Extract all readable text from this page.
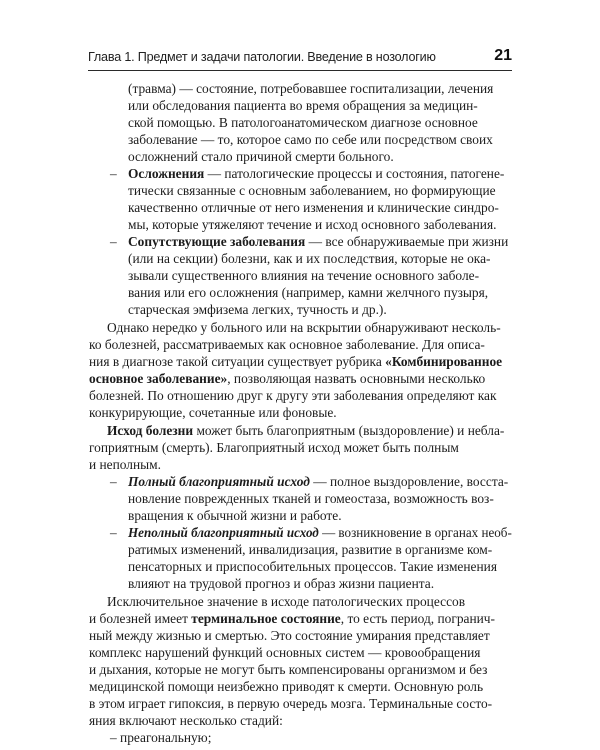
Глава 1. Предмет и задачи патологии. Введение в нозологию	21
(травма) — состояние, потребовавшее госпитализации, лечения
или обследования пациента во время обращения за медицин-
ской помощью. В патологоанатомическом диагнозе основное
заболевание — то, которое само по себе или посредством своих
осложнений стало причиной смерти больного.
– Осложнения — патологические процессы и состояния, патогене-
тически связанные с основным заболеванием, но формирующие
качественно отличные от него изменения и клинические синдро-
мы, которые утяжеляют течение и исход основного заболевания.
– Сопутствующие заболевания — все обнаруживаемые при жизни
(или на секции) болезни, как и их последствия, которые не ока-
зывали существенного влияния на течение основного заболе-
вания или его осложнения (например, камни желчного пузыря,
старческая эмфизема легких, тучность и др.).
Однако нередко у больного или на вскрытии обнаруживают несколь-
ко болезней, рассматриваемых как основное заболевание. Для описа-
ния в диагнозе такой ситуации существует рубрика «Комбинированное
основное заболевание», позволяющая назвать основными несколько
болезней. По отношению друг к другу эти заболевания определяют как
конкурирующие, сочетанные или фоновые.
Исход болезни может быть благоприятным (выздоровление) и небла-
гоприятным (смерть). Благоприятный исход может быть полным
и неполным.
– Полный благоприятный исход — полное выздоровление, восста-
новление поврежденных тканей и гомеостаза, возможность воз-
вращения к обычной жизни и работе.
– Неполный благоприятный исход — возникновение в органах необ-
ратимых изменений, инвалидизация, развитие в организме ком-
пенсаторных и приспособительных процессов. Такие изменения
влияют на трудовой прогноз и образ жизни пациента.
Исключительное значение в исходе патологических процессов
и болезней имеет терминальное состояние, то есть период, погранич-
ный между жизнью и смертью. Это состояние умирания представляет
комплекс нарушений функций основных систем — кровообращения
и дыхания, которые не могут быть компенсированы организмом и без
медицинской помощи неизбежно приводят к смерти. Основную роль
в этом играет гипоксия, в первую очередь мозга. Терминальные состо-
яния включают несколько стадий:
– преагональную;
